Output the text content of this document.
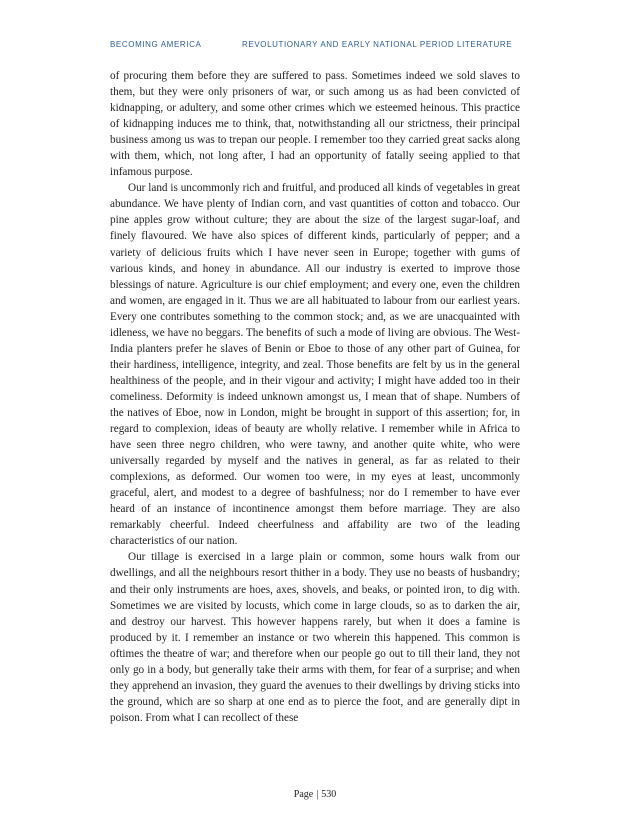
BECOMING AMERICA	REVOLUTIONARY AND EARLY NATIONAL PERIOD LITERATURE

of procuring them before they are suffered to pass. Sometimes indeed we sold slaves to them, but they were only prisoners of war, or such among us as had been convicted of kidnapping, or adultery, and some other crimes which we esteemed heinous. This practice of kidnapping induces me to think, that, notwithstanding all our strictness, their principal business among us was to trepan our people. I remember too they carried great sacks along with them, which, not long after, I had an opportunity of fatally seeing applied to that infamous purpose.

Our land is uncommonly rich and fruitful, and produced all kinds of vegetables in great abundance. We have plenty of Indian corn, and vast quantities of cotton and tobacco. Our pine apples grow without culture; they are about the size of the largest sugar-loaf, and finely flavoured. We have also spices of different kinds, particularly of pepper; and a variety of delicious fruits which I have never seen in Europe; together with gums of various kinds, and honey in abundance. All our industry is exerted to improve those blessings of nature. Agriculture is our chief employment; and every one, even the children and women, are engaged in it. Thus we are all habituated to labour from our earliest years. Every one contributes something to the common stock; and, as we are unacquainted with idleness, we have no beggars. The benefits of such a mode of living are obvious. The West-India planters prefer he slaves of Benin or Eboe to those of any other part of Guinea, for their hardiness, intelligence, integrity, and zeal. Those benefits are felt by us in the general healthiness of the people, and in their vigour and activity; I might have added too in their comeliness. Deformity is indeed unknown amongst us, I mean that of shape. Numbers of the natives of Eboe, now in London, might be brought in support of this assertion; for, in regard to complexion, ideas of beauty are wholly relative. I remember while in Africa to have seen three negro children, who were tawny, and another quite white, who were universally regarded by myself and the natives in general, as far as related to their complexions, as deformed. Our women too were, in my eyes at least, uncommonly graceful, alert, and modest to a degree of bashfulness; nor do I remember to have ever heard of an instance of incontinence amongst them before marriage. They are also remarkably cheerful. Indeed cheerfulness and affability are two of the leading characteristics of our nation.

Our tillage is exercised in a large plain or common, some hours walk from our dwellings, and all the neighbours resort thither in a body. They use no beasts of husbandry; and their only instruments are hoes, axes, shovels, and beaks, or pointed iron, to dig with. Sometimes we are visited by locusts, which come in large clouds, so as to darken the air, and destroy our harvest. This however happens rarely, but when it does a famine is produced by it. I remember an instance or two wherein this happened. This common is oftimes the theatre of war; and therefore when our people go out to till their land, they not only go in a body, but generally take their arms with them, for fear of a surprise; and when they apprehend an invasion, they guard the avenues to their dwellings by driving sticks into the ground, which are so sharp at one end as to pierce the foot, and are generally dipt in poison. From what I can recollect of these

Page | 530
